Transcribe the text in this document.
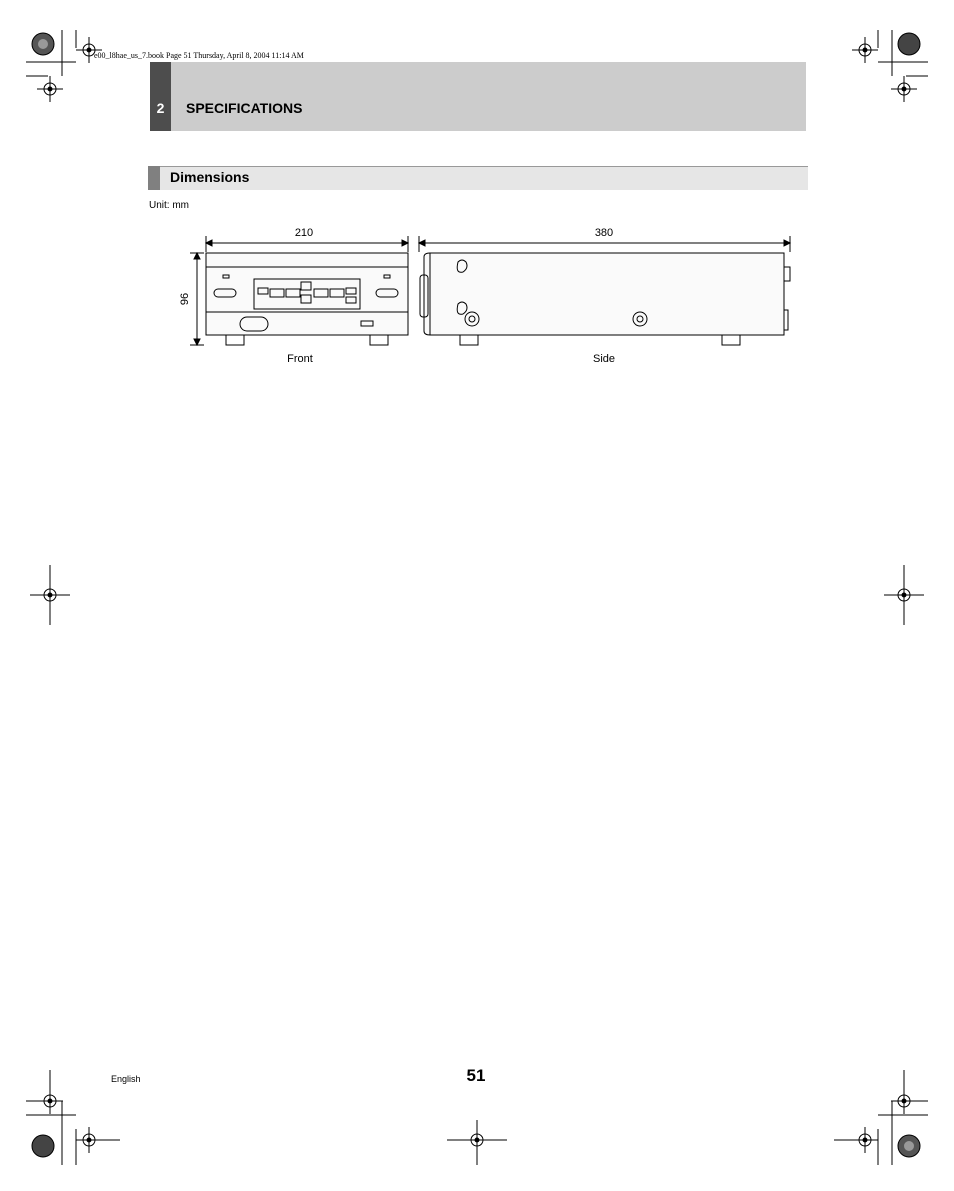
e00_l8hae_us_7.book Page 51 Thursday, April 8, 2004 11:14 AM
2	SPECIFICATIONS
Dimensions
Unit: mm
210	380
96
Front	Side
English	51
